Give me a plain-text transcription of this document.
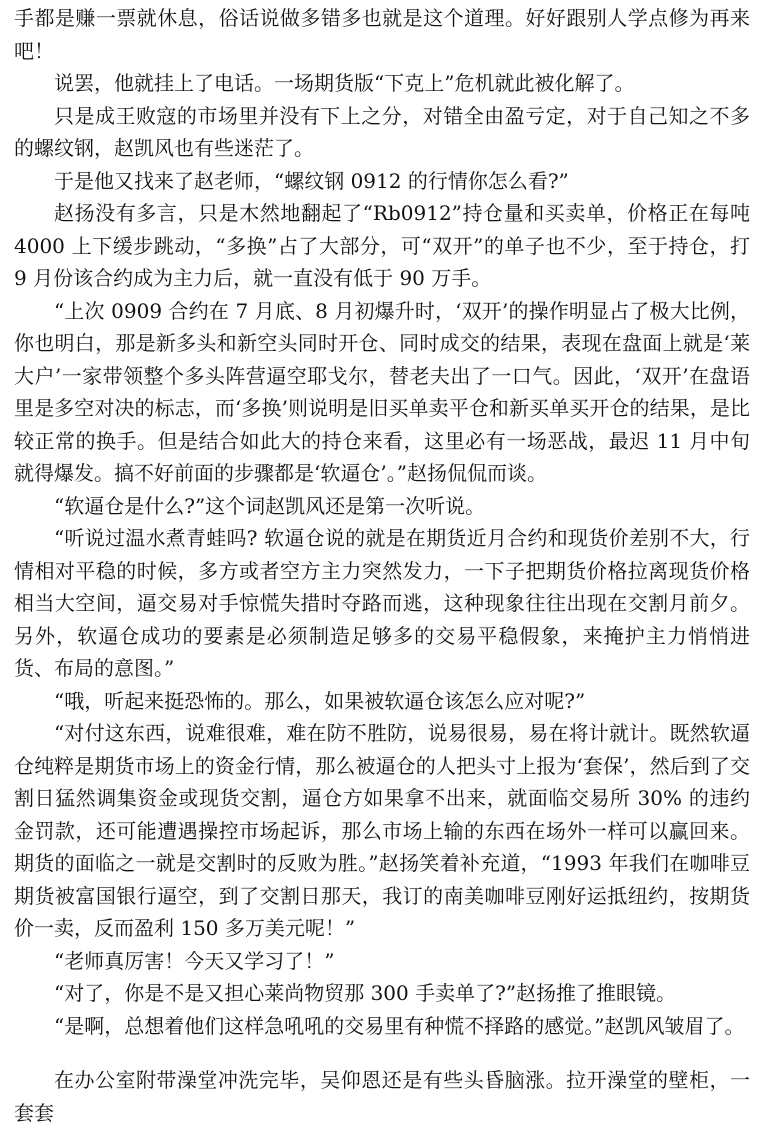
手都是赚一票就休息，俗话说做多错多也就是这个道理。好好跟别人学点修为再来吧！

说罢，他就挂上了电话。一场期货版“下克上”危机就此被化解了。

只是成王败寇的市场里并没有下上之分，对错全由盈亏定，对于自己知之不多的螺纹钢，赵凯风也有些迷茫了。

于是他又找来了赵老师，“螺纹钢 0912 的行情你怎么看?”

赵扬没有多言，只是木然地翻起了“Rb0912”持仓量和买卖单，价格正在每吨 4000 上下缓步跳动，“多换”占了大部分，可“双开”的单子也不少，至于持仓，打 9 月份该合约成为主力后，就一直没有低于 90 万手。

“上次 0909 合约在 7 月底、8 月初爆升时，‘双开’的操作明显占了极大比例，你也明白，那是新多头和新空头同时开仓、同时成交的结果，表现在盘面上就是‘莱大户’一家带领整个多头阵营逼空耶戈尔，替老夫出了一口气。因此，‘双开’在盘语里是多空对决的标志，而‘多换’则说明是旧买单卖平仓和新买单买开仓的结果，是比较正常的换手。但是结合如此大的持仓来看，这里必有一场恶战，最迟 11 月中旬就得爆发。搞不好前面的步骤都是‘软逼仓’。”赵扬侃侃而谈。

“软逼仓是什么?”这个词赵凯风还是第一次听说。

“听说过温水煮青蛙吗? 软逼仓说的就是在期货近月合约和现货价差别不大，行情相对平稳的时候，多方或者空方主力突然发力，一下子把期货价格拉离现货价格相当大空间，逼交易对手惊慌失措时夺路而逃，这种现象往往出现在交割月前夕。另外，软逼仓成功的要素是必须制造足够多的交易平稳假象，来掩护主力悄悄进货、布局的意图。”

“哦，听起来挺恐怖的。那么，如果被软逼仓该怎么应对呢?”

“对付这东西，说难很难，难在防不胜防，说易很易，易在将计就计。既然软逼仓纯粹是期货市场上的资金行情，那么被逼仓的人把头寸上报为‘套保’，然后到了交割日猛然调集资金或现货交割，逼仓方如果拿不出来，就面临交易所 30% 的违约金罚款，还可能遭遇操控市场起诉，那么市场上输的东西在场外一样可以赢回来。期货的面临之一就是交割时的反败为胜。”赵扬笑着补充道，“1993 年我们在咖啡豆期货被富国银行逼空，到了交割日那天，我订的南美咖啡豆刚好运抵纽约，按期货价一卖，反而盈利 150 多万美元呢！”

“老师真厉害！今天又学习了！”

“对了，你是不是又担心莱尚物贸那 300 手卖单了?”赵扬推了推眼镜。

“是啊，总想着他们这样急吼吼的交易里有种慌不择路的感觉。”赵凯风皱眉了。

在办公室附带澡堂冲洗完毕，吴仰恩还是有些头昏脑涨。拉开澡堂的壁柜，一套套
